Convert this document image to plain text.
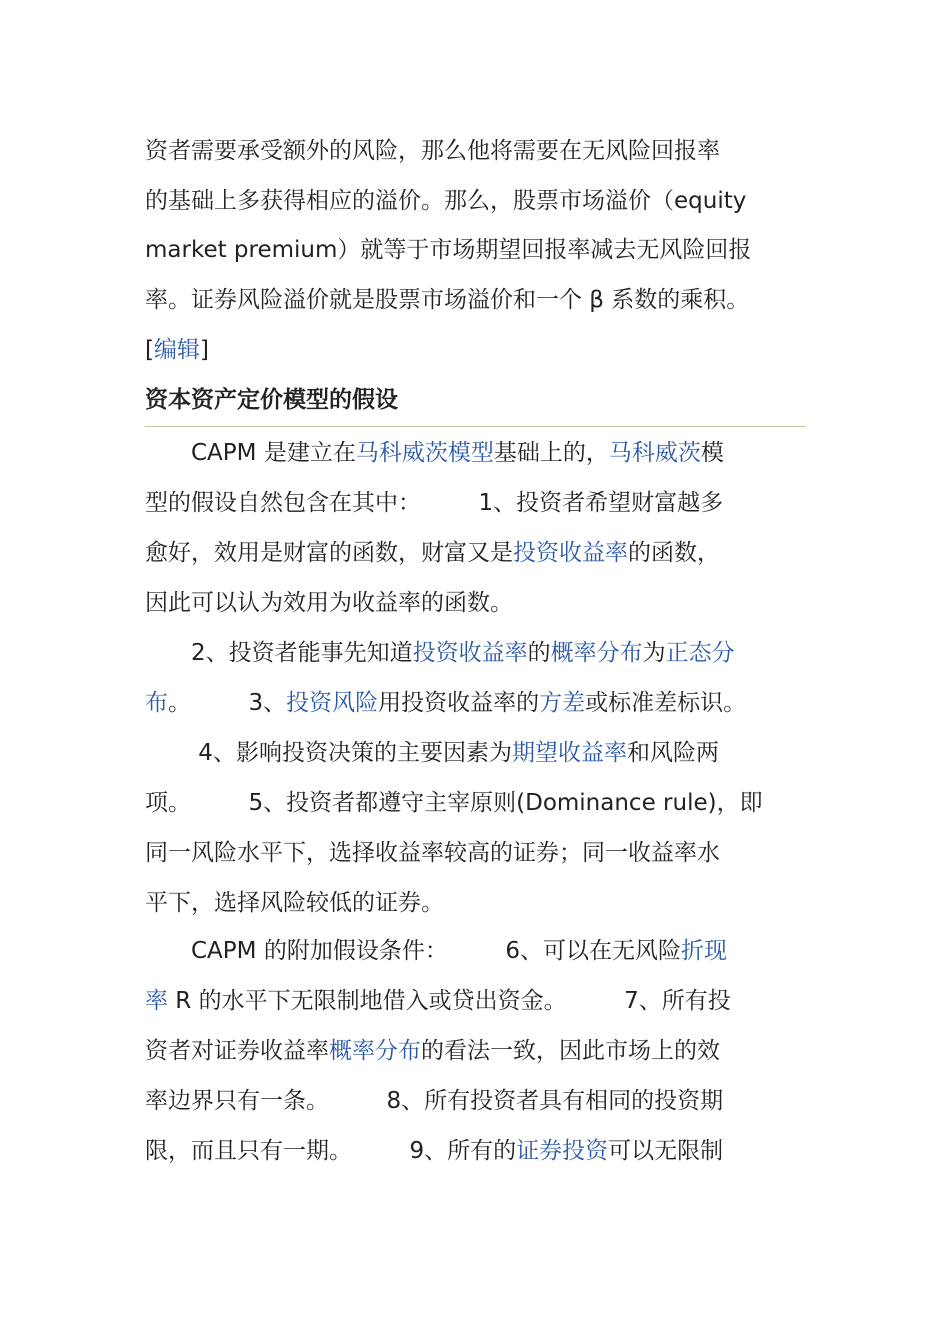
资者需要承受额外的风险，那么他将需要在无风险回报率
的基础上多获得相应的溢价。那么，股票市场溢价（equity
market premium）就等于市场期望回报率减去无风险回报
率。证券风险溢价就是股票市场溢价和一个 β 系数的乘积。
[编辑]
　　CAPM 是建立在马科威茨模型基础上的，马科威茨模
型的假设自然包含在其中：　　　1、投资者希望财富越多
愈好，效用是财富的函数，财富又是投资收益率的函数，
因此可以认为效用为收益率的函数。
　　2、投资者能事先知道投资收益率的概率分布为正态分
布。　　　3、投资风险用投资收益率的方差或标准差标识。
　　 4、影响投资决策的主要因素为期望收益率和风险两
项。　　　5、投资者都遵守主宰原则(Dominance rule)，即
同一风险水平下，选择收益率较高的证券；同一收益率水
平下，选择风险较低的证券。
　　CAPM 的附加假设条件：　　　6、可以在无风险折现
率 R 的水平下无限制地借入或贷出资金。　　　7、所有投
资者对证券收益率概率分布的看法一致，因此市场上的效
率边界只有一条。　　　8、所有投资者具有相同的投资期
限，而且只有一期。　　　9、所有的证券投资可以无限制
资本资产定价模型的假设
